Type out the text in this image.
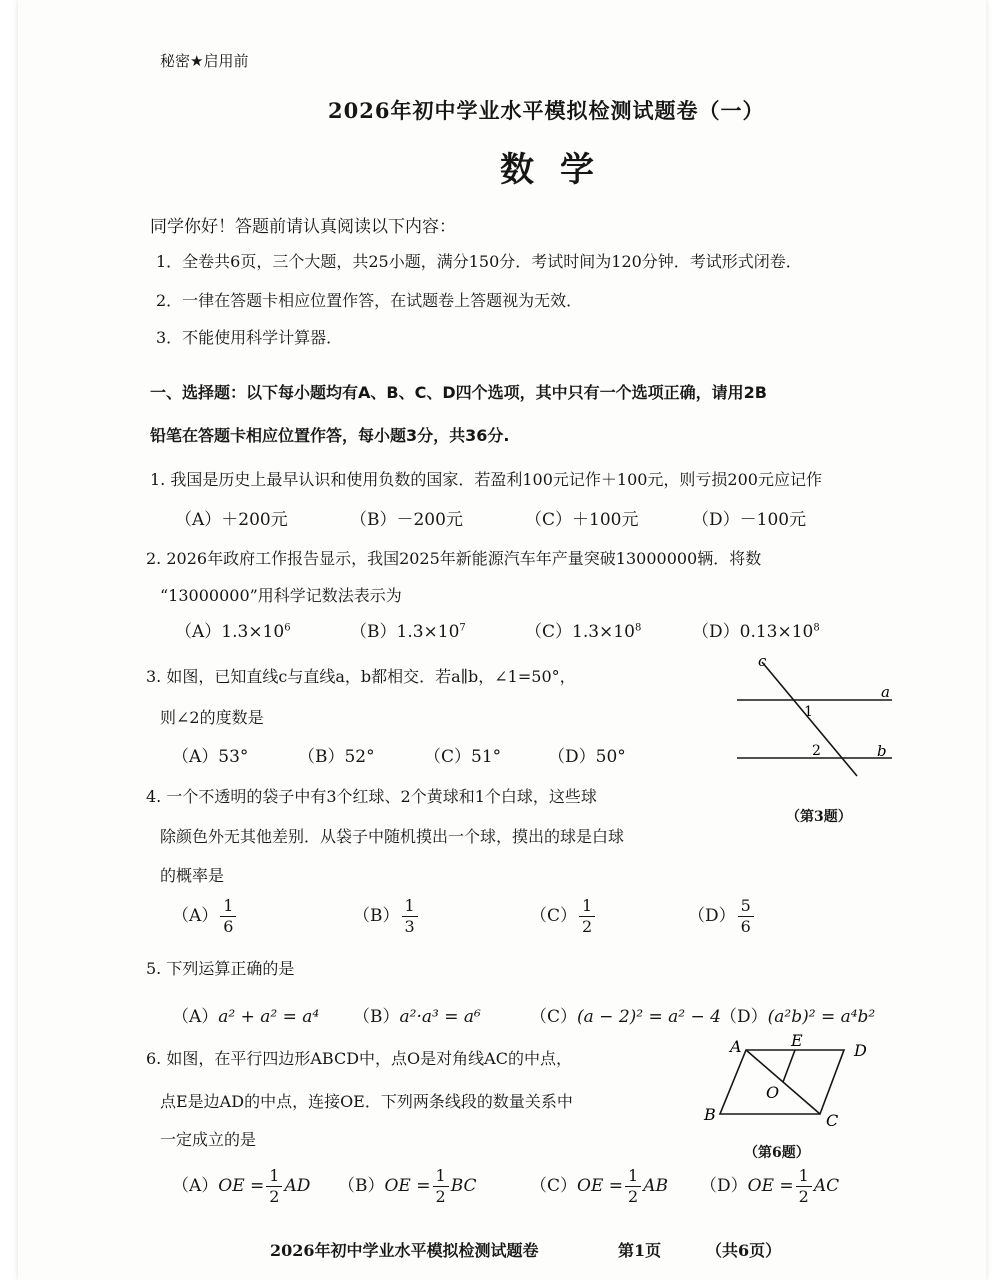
秘密★启用前
2026年初中学业水平模拟检测试题卷（一）
数学
同学你好！答题前请认真阅读以下内容：
1．全卷共6页，三个大题，共25小题，满分150分．考试时间为120分钟．考试形式闭卷．
2．一律在答题卡相应位置作答，在试题卷上答题视为无效．
3．不能使用科学计算器．
一、选择题：以下每小题均有A、B、C、D四个选项，其中只有一个选项正确，请用2B
铅笔在答题卡相应位置作答，每小题3分，共36分.
1. 我国是历史上最早认识和使用负数的国家．若盈利100元记作＋100元，则亏损200元应记作
（A）＋200元	（B）－200元	（C）＋100元	（D）－100元
2. 2026年政府工作报告显示，我国2025年新能源汽车年产量突破13000000辆．将数
“13000000”用科学记数法表示为
$(A)1.3\times 10^6$	$(B)1.3\times 10^7$	$(C)1.3\times 10^8$	$(D)0.13\times 10^8$
3. 如图，已知直线c与直线a，b都相交．若a∥b，∠1=50°，
则∠2的度数是
（A）53°	（B）52°	（C）51°	（D）50°
c
a
b
1
2
（第3题）
4. 一个不透明的袋子中有3个红球、2个黄球和1个白球，这些球
除颜色外无其他差别．从袋子中随机摸出一个球，摸出的球是白球
的概率是
$(A) \frac{1}{6}$	$(B) \frac{1}{3}$	$(C) \frac{1}{2}$	$(D) \frac{5}{6}$
5. 下列运算正确的是
（A）a² + a² = a⁴ （B）a²·a³ = a⁶	（C）(a − 2)² = a² − 4 （D）(a²b)² = a⁴b²
6. 如图，在平行四边形ABCD中，点O是对角线AC的中点，
点E是边AD的中点，连接OE．下列两条线段的数量关系中
一定成立的是
A	E
D
O
B	C
（第6题）
$(A)OE = \frac{1}{2}$ AD $(B)OE = \frac{1}{2}$ BC	$(C)OE = \frac{1}{2}$ AB $(D)OE = \frac{1}{2}$ AC
2026年初中学业水平模拟检测试题卷	第1页	（共6页）
